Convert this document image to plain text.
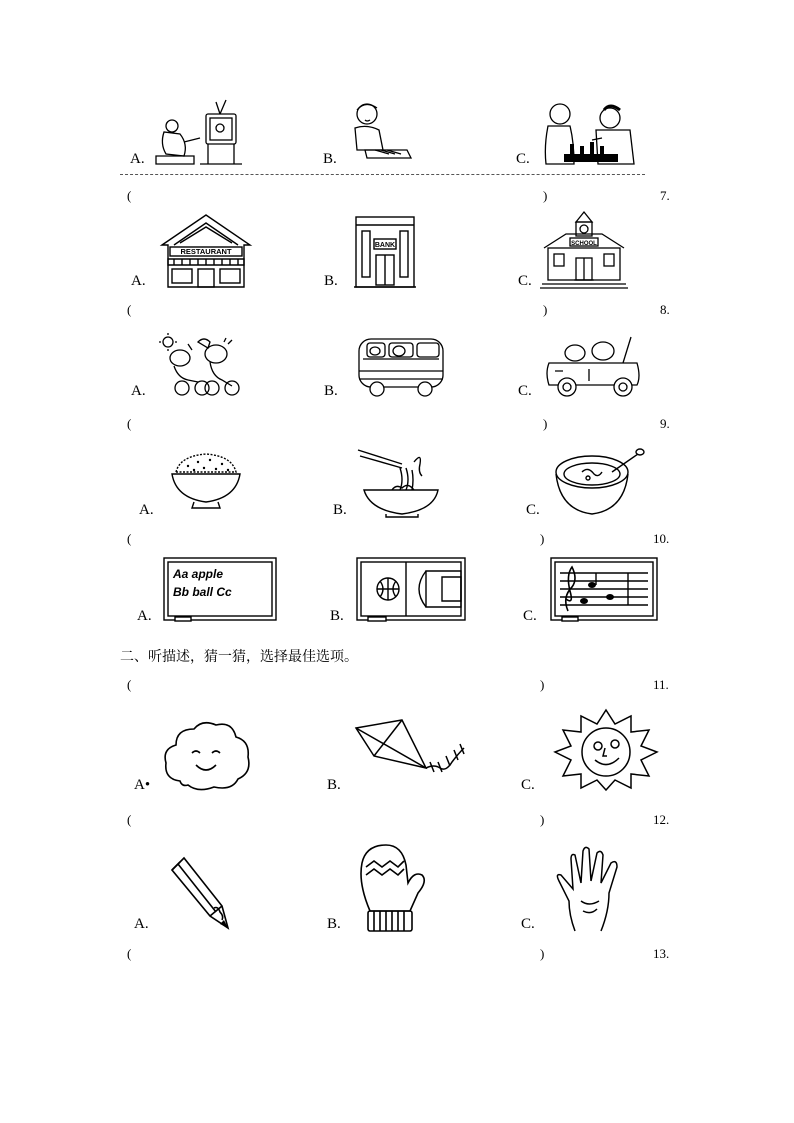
A.	B.	C.
(	)	7.
A.	B.	C.
RESTAURANT
BANK	SCHOOL
(	)	8.
A.	B.	C.
(	)	9.
A.	B.	C.
(	)	10.
A.	B.	C.
Aa apple
Bb ball Cc
二、听描述，猜一猜，选择最佳选项。
(	)	11.
A•	B.	C.
(	)	12.
A.	B.	C.
(	)	13.
